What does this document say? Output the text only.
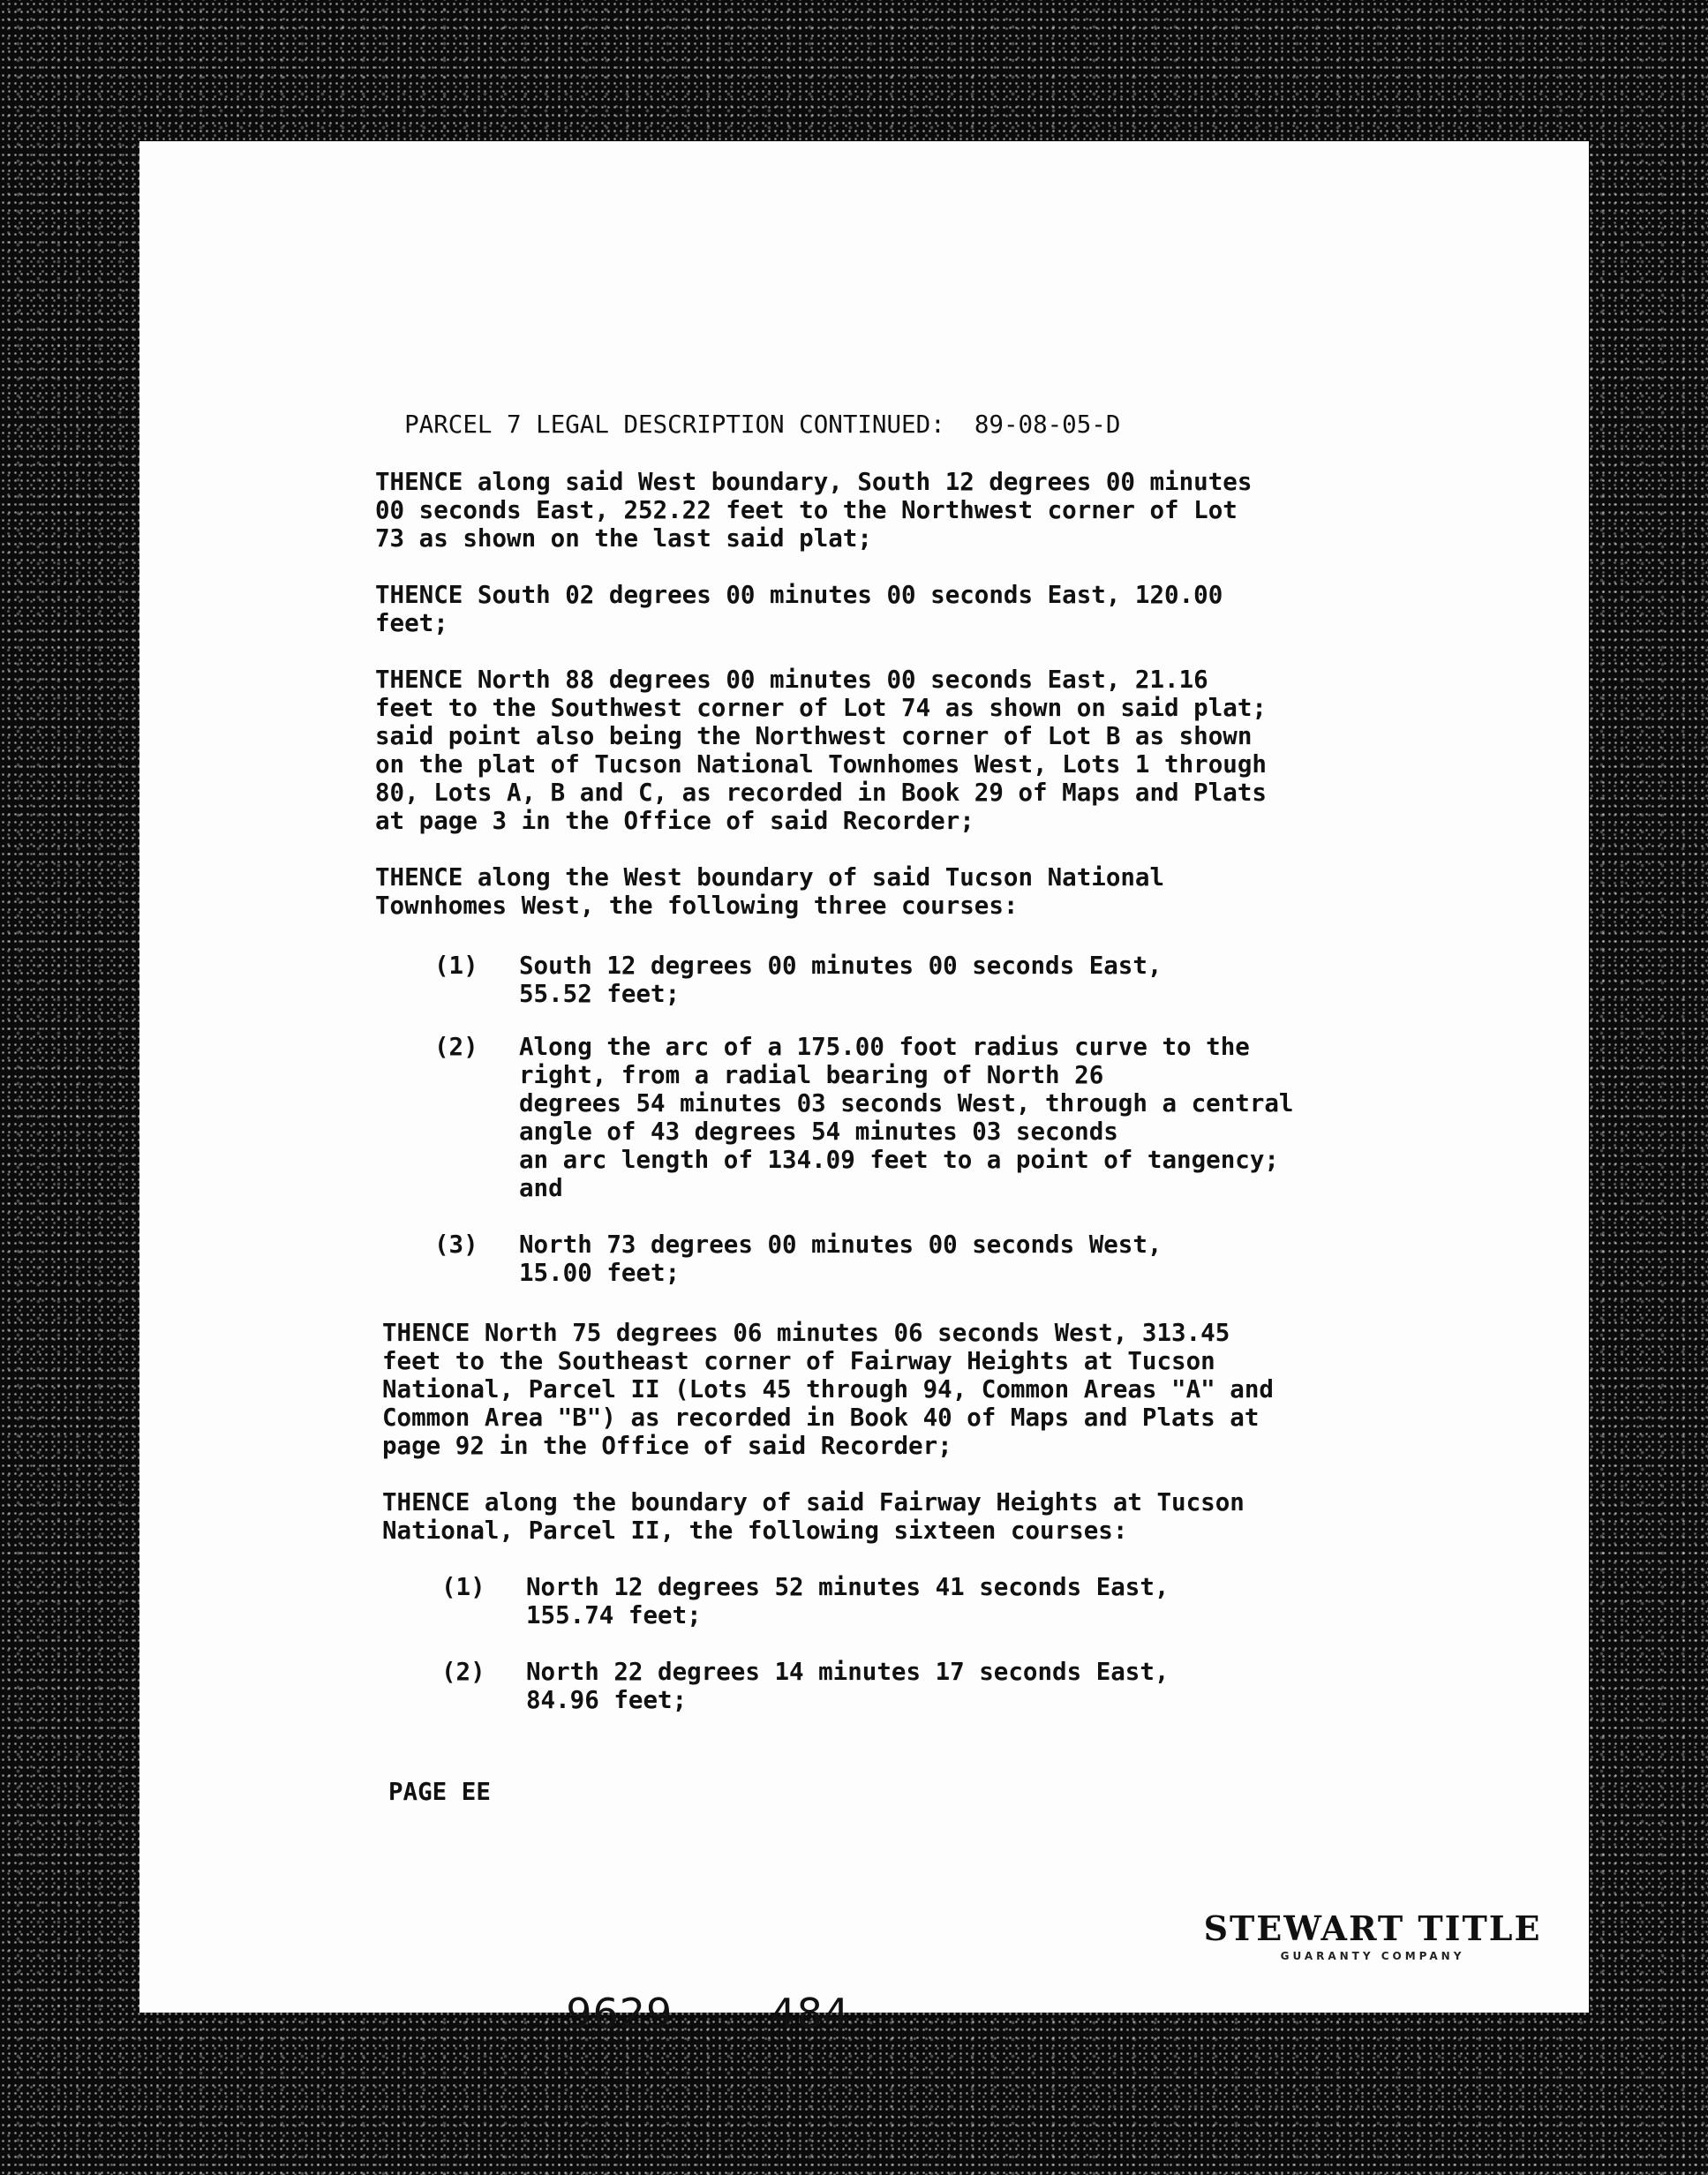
PARCEL 7 LEGAL DESCRIPTION CONTINUED: 89-08-05-D

THENCE along said West boundary, South 12 degrees 00 minutes
00 seconds East, 252.22 feet to the Northwest corner of Lot
73 as shown on the last said plat;
THENCE South 02 degrees 00 minutes 00 seconds East, 120.00
feet;
THENCE North 88 degrees 00 minutes 00 seconds East, 21.16
feet to the Southwest corner of Lot 74 as shown on said plat;
said point also being the Northwest corner of Lot B as shown
on the plat of Tucson National Townhomes West, Lots 1 through
80, Lots A, B and C, as recorded in Book 29 of Maps and Plats
at page 3 in the Office of said Recorder;
THENCE along the West boundary of said Tucson National
Townhomes West, the following three courses:

(1)

South 12 degrees 00 minutes 00 seconds East,
55.52 feet;

(2)

Along the arc of a 175.00 foot radius curve to the
right, from a radial bearing of North 26
degrees 54 minutes 03 seconds West, through a central
angle of 43 degrees 54 minutes 03 seconds
an arc length of 134.09 feet to a point of tangency;
and

(3)

North 73 degrees 00 minutes 00 seconds West,
15.00 feet;

THENCE North 75 degrees 06 minutes 06 seconds West, 313.45
feet to the Southeast corner of Fairway Heights at Tucson
National, Parcel II (Lots 45 through 94, Common Areas "A" and
Common Area "B") as recorded in Book 40 of Maps and Plats at
page 92 in the Office of said Recorder;
THENCE along the boundary of said Fairway Heights at Tucson
National, Parcel II, the following sixteen courses:

(1)

North 12 degrees 52 minutes 41 seconds East,
155.74 feet;

(2)

North 22 degrees 14 minutes 17 seconds East,
84.96 feet;

PAGE EE

9629 484

STEWART TITLE
GUARANTY COMPANY
